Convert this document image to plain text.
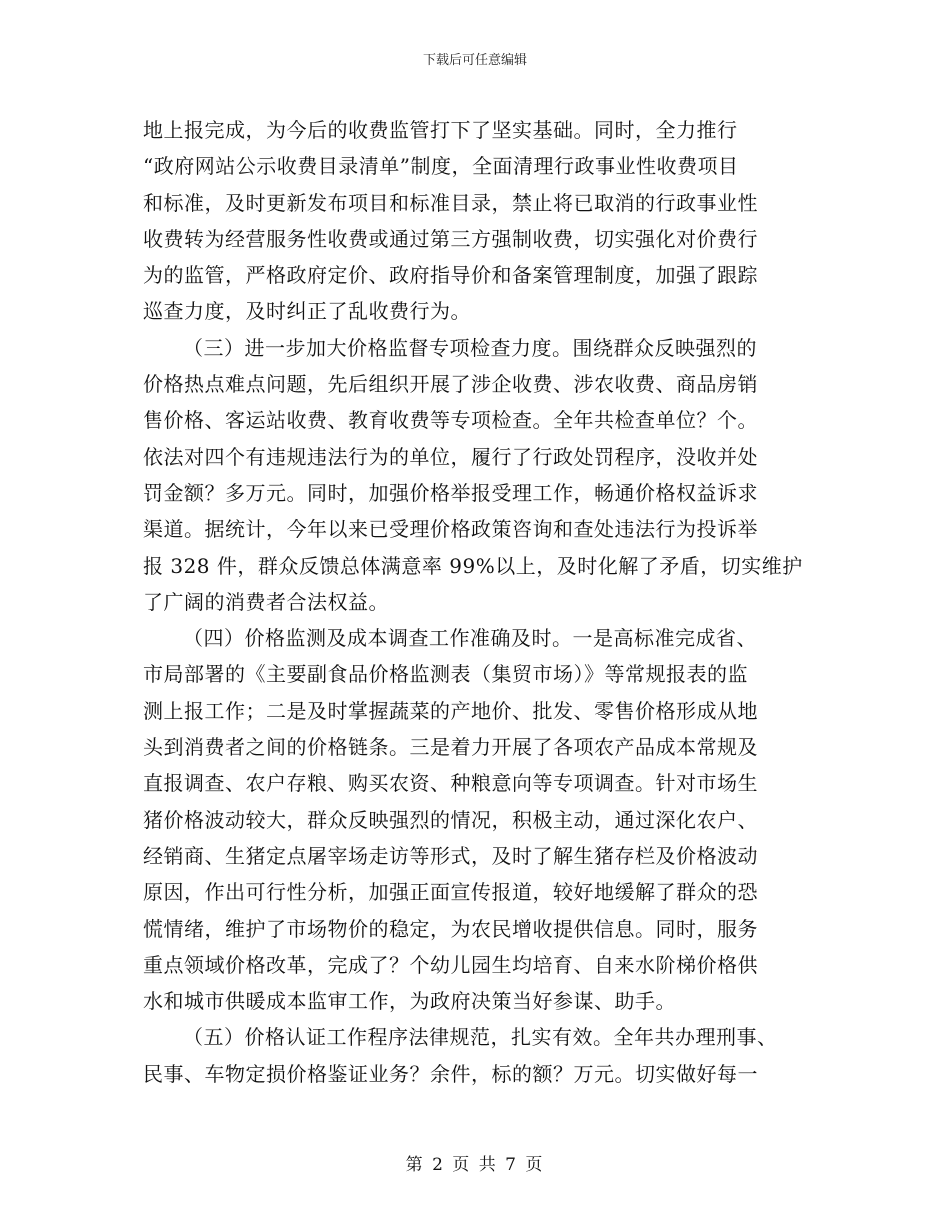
下载后可任意编辑
地上报完成，为今后的收费监管打下了坚实基础。同时，全力推行
“政府网站公示收费目录清单”制度，全面清理行政事业性收费项目
和标准，及时更新发布项目和标准目录，禁止将已取消的行政事业性
收费转为经营服务性收费或通过第三方强制收费，切实强化对价费行
为的监管，严格政府定价、政府指导价和备案管理制度，加强了跟踪
巡查力度，及时纠正了乱收费行为。
（三）进一步加大价格监督专项检查力度。围绕群众反映强烈的
价格热点难点问题，先后组织开展了涉企收费、涉农收费、商品房销
售价格、客运站收费、教育收费等专项检查。全年共检查单位？个。
依法对四个有违规违法行为的单位，履行了行政处罚程序，没收并处
罚金额？多万元。同时，加强价格举报受理工作，畅通价格权益诉求
渠道。据统计，今年以来已受理价格政策咨询和查处违法行为投诉举
报 328 件，群众反馈总体满意率 99%以上，及时化解了矛盾，切实维护
了广阔的消费者合法权益。
（四）价格监测及成本调查工作准确及时。一是高标准完成省、
市局部署的《主要副食品价格监测表（集贸市场）》等常规报表的监
测上报工作；二是及时掌握蔬菜的产地价、批发、零售价格形成从地
头到消费者之间的价格链条。三是着力开展了各项农产品成本常规及
直报调查、农户存粮、购买农资、种粮意向等专项调查。针对市场生
猪价格波动较大，群众反映强烈的情况，积极主动，通过深化农户、
经销商、生猪定点屠宰场走访等形式，及时了解生猪存栏及价格波动
原因，作出可行性分析，加强正面宣传报道，较好地缓解了群众的恐
慌情绪，维护了市场物价的稳定，为农民增收提供信息。同时，服务
重点领域价格改革，完成了？个幼儿园生均培育、自来水阶梯价格供
水和城市供暖成本监审工作，为政府决策当好参谋、助手。
（五）价格认证工作程序法律规范，扎实有效。全年共办理刑事、
民事、车物定损价格鉴证业务？余件，标的额？万元。切实做好每一
第 2 页 共 7 页
